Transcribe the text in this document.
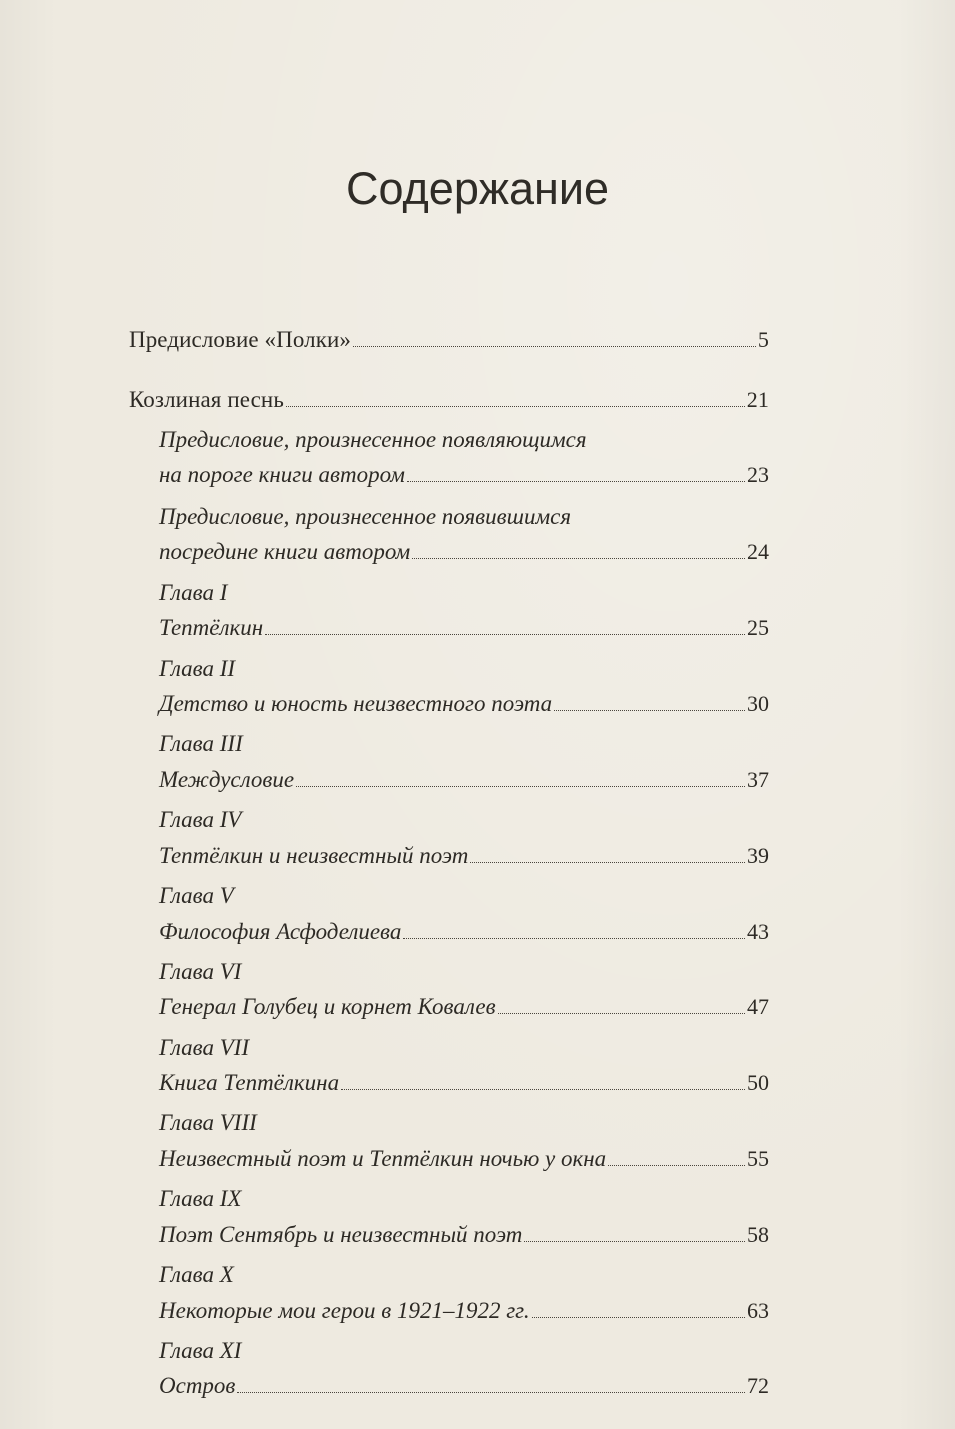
Содержание
Предисловие «Полки»	5
Козлиная песнь	21
Предисловие, произнесенное появляющимся
на пороге книги автором	23
Предисловие, произнесенное появившимся
посредине книги автором	24
Глава I
Тептёлкин	25
Глава II
Детство и юность неизвестного поэта	30
Глава III
Междусловие	37
Глава IV
Тептёлкин и неизвестный поэт	39
Глава V
Философия Асфоделиева	43
Глава VI
Генерал Голубец и корнет Ковалев	47
Глава VII
Книга Тептёлкина	50
Глава VIII
Неизвестный поэт и Тептёлкин ночью у окна	55
Глава IX
Поэт Сентябрь и неизвестный поэт	58
Глава X
Некоторые мои герои в 1921–1922 гг.	63
Глава XI
Остров	72
